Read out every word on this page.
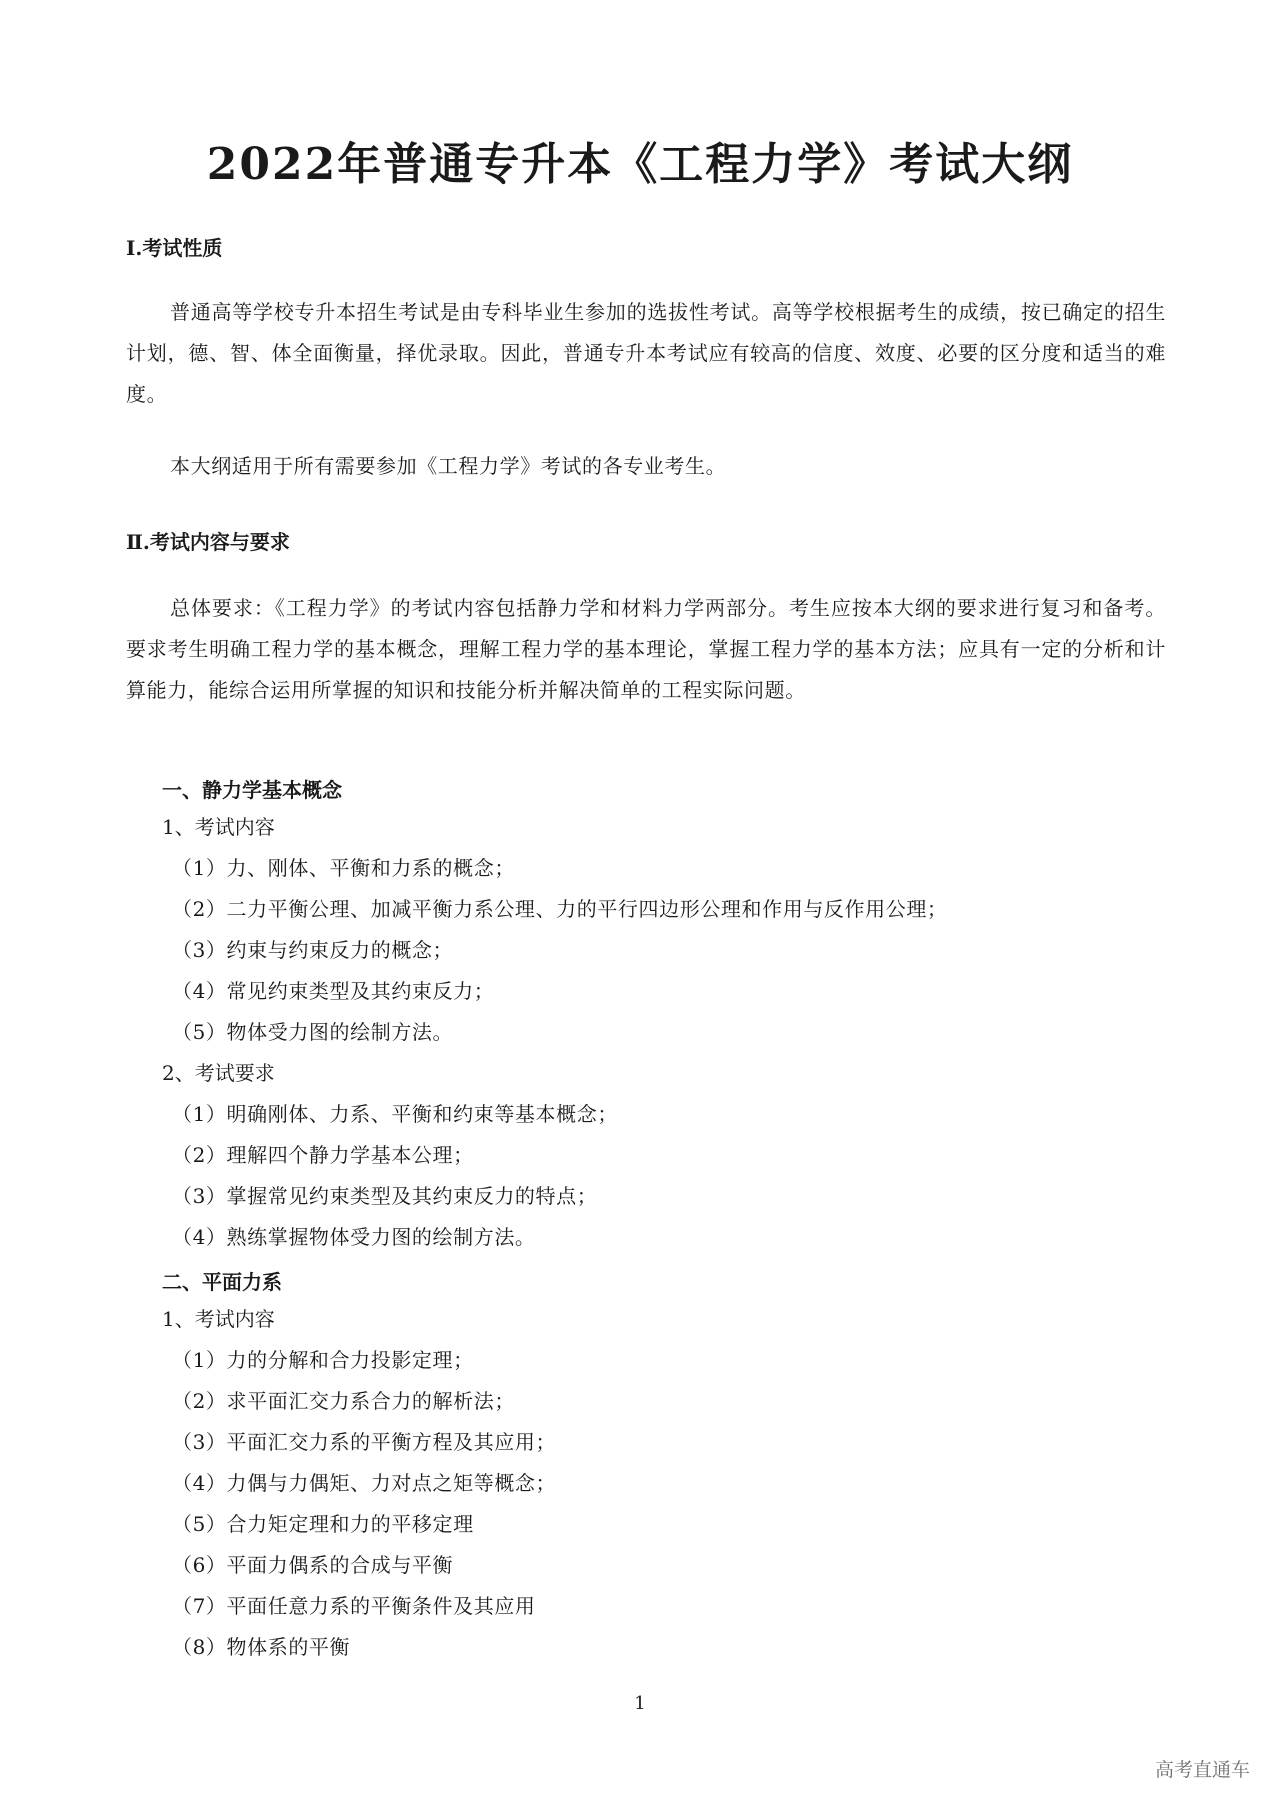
2022年普通专升本《工程力学》考试大纲
Ⅰ.考试性质

普通高等学校专升本招生考试是由专科毕业生参加的选拔性考试。高等学校根据考生的成绩，按已确定的招生计划，德、智、体全面衡量，择优录取。因此，普通专升本考试应有较高的信度、效度、必要的区分度和适当的难度。

本大纲适用于所有需要参加《工程力学》考试的各专业考生。

Ⅱ.考试内容与要求

总体要求：《工程力学》的考试内容包括静力学和材料力学两部分。考生应按本大纲的要求进行复习和备考。要求考生明确工程力学的基本概念，理解工程力学的基本理论，掌握工程力学的基本方法；应具有一定的分析和计算能力，能综合运用所掌握的知识和技能分析并解决简单的工程实际问题。

一、静力学基本概念
1、考试内容
（1）力、刚体、平衡和力系的概念；
（2）二力平衡公理、加减平衡力系公理、力的平行四边形公理和作用与反作用公理；
（3）约束与约束反力的概念；
（4）常见约束类型及其约束反力；
（5）物体受力图的绘制方法。
2、考试要求
（1）明确刚体、力系、平衡和约束等基本概念；
（2）理解四个静力学基本公理；
（3）掌握常见约束类型及其约束反力的特点；
（4）熟练掌握物体受力图的绘制方法。
二、平面力系
1、考试内容
（1）力的分解和合力投影定理；
（2）求平面汇交力系合力的解析法；
（3）平面汇交力系的平衡方程及其应用；
（4）力偶与力偶矩、力对点之矩等概念；
（5）合力矩定理和力的平移定理
（6）平面力偶系的合成与平衡
（7）平面任意力系的平衡条件及其应用
（8）物体系的平衡
1
高考直通车
